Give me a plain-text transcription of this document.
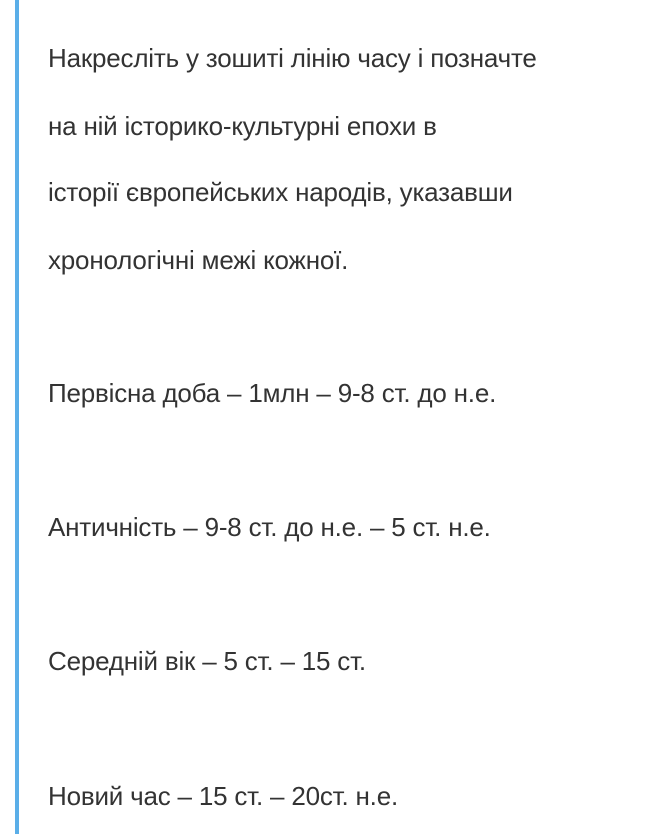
Накресліть у зошиті лінію часу і позначте
на ній історико-культурні епохи в
історії європейських народів, указавши
хронологічні межі кожної.
Первісна доба – 1млн – 9-8 ст. до н.е.
Античність – 9-8 ст. до н.е. – 5 ст. н.е.
Середній вік – 5 ст. – 15 ст.
Новий час – 15 ст. – 20ст. н.е.
